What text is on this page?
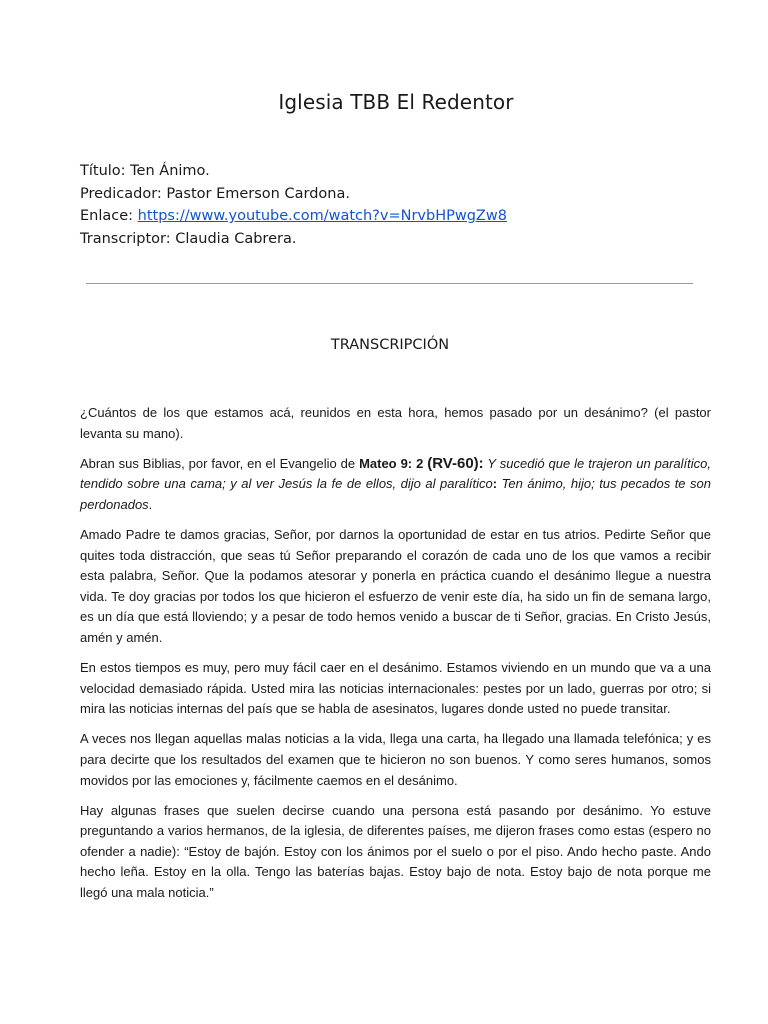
Iglesia TBB El Redentor
Título: Ten Ánimo.
Predicador: Pastor Emerson Cardona.
Enlace: https://www.youtube.com/watch?v=NrvbHPwgZw8
Transcriptor: Claudia Cabrera.
TRANSCRIPCIÓN

¿Cuántos de los que estamos acá, reunidos en esta hora, hemos pasado por un desánimo? (el pastor levanta su mano).

Abran sus Biblias, por favor, en el Evangelio de Mateo 9: 2 (RV-60): Y sucedió que le trajeron un paralítico, tendido sobre una cama; y al ver Jesús la fe de ellos, dijo al paralítico: Ten ánimo, hijo; tus pecados te son perdonados.

Amado Padre te damos gracias, Señor, por darnos la oportunidad de estar en tus atrios. Pedirte Señor que quites toda distracción, que seas tú Señor preparando el corazón de cada uno de los que vamos a recibir esta palabra, Señor. Que la podamos atesorar y ponerla en práctica cuando el desánimo llegue a nuestra vida. Te doy gracias por todos los que hicieron el esfuerzo de venir este día, ha sido un fin de semana largo, es un día que está lloviendo; y a pesar de todo hemos venido a buscar de ti Señor, gracias. En Cristo Jesús, amén y amén.

En estos tiempos es muy, pero muy fácil caer en el desánimo. Estamos viviendo en un mundo que va a una velocidad demasiado rápida. Usted mira las noticias internacionales: pestes por un lado, guerras por otro; si mira las noticias internas del país que se habla de asesinatos, lugares donde usted no puede transitar.

A veces nos llegan aquellas malas noticias a la vida, llega una carta, ha llegado una llamada telefónica; y es para decirte que los resultados del examen que te hicieron no son buenos. Y como seres humanos, somos movidos por las emociones y, fácilmente caemos en el desánimo.

Hay algunas frases que suelen decirse cuando una persona está pasando por desánimo. Yo estuve preguntando a varios hermanos, de la iglesia, de diferentes países, me dijeron frases como estas (espero no ofender a nadie): “Estoy de bajón. Estoy con los ánimos por el suelo o por el piso. Ando hecho paste. Ando hecho leña. Estoy en la olla. Tengo las baterías bajas. Estoy bajo de nota. Estoy bajo de nota porque me llegó una mala noticia.”
